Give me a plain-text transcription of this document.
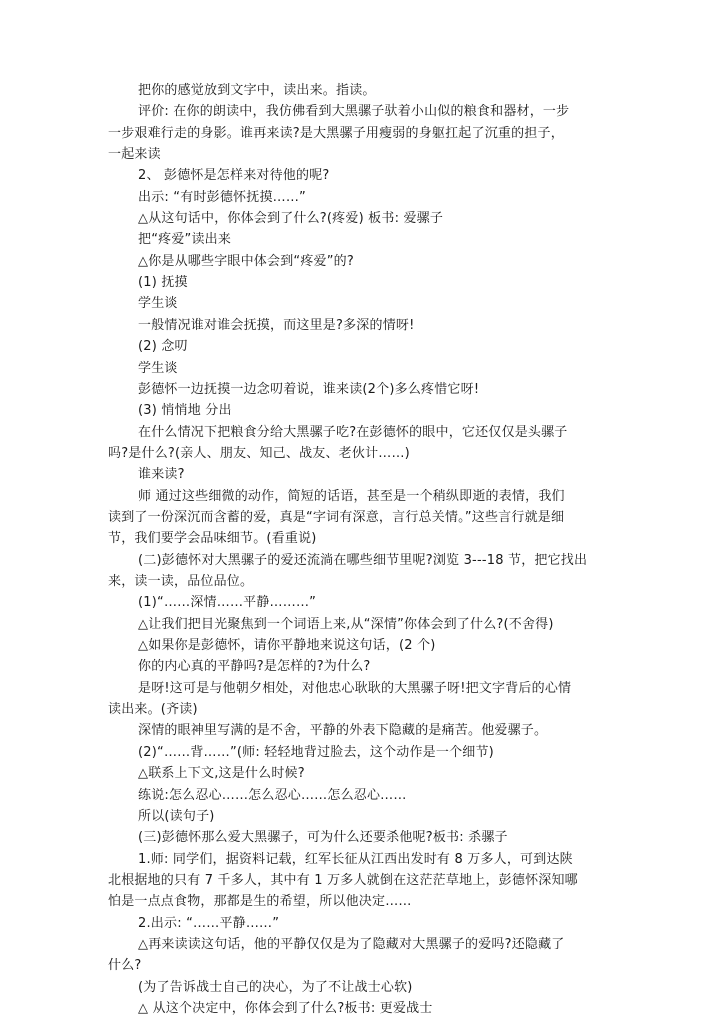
把你的感觉放到文字中，读出来。指读。
评价: 在你的朗读中，我仿佛看到大黑骡子驮着小山似的粮食和器材，一步
一步艰难行走的身影。谁再来读?是大黑骡子用瘦弱的身躯扛起了沉重的担子，
一起来读
2、 彭德怀是怎样来对待他的呢?
出示: “有时彭德怀抚摸……”
△从这句话中，你体会到了什么?(疼爱) 板书: 爱骡子
把“疼爱”读出来
△你是从哪些字眼中体会到“疼爱”的?
(1) 抚摸
学生谈
一般情况谁对谁会抚摸，而这里是?多深的情呀!
(2) 念叨
学生谈
彭德怀一边抚摸一边念叨着说，谁来读(2个)多么疼惜它呀!
(3) 悄悄地 分出
在什么情况下把粮食分给大黑骡子吃?在彭德怀的眼中，它还仅仅是头骡子
吗?是什么?(亲人、朋友、知己、战友、老伙计……)
谁来读?
师 通过这些细微的动作，简短的话语，甚至是一个稍纵即逝的表情，我们
读到了一份深沉而含蓄的爱，真是“字词有深意，言行总关情。”这些言行就是细
节，我们要学会品味细节。(看重说)
(二)彭德怀对大黑骡子的爱还流淌在哪些细节里呢?浏览 3---18 节，把它找出
来，读一读，品位品位。
(1)“……深情……平静………”
△让我们把目光聚焦到一个词语上来,从“深情”你体会到了什么?(不舍得)
△如果你是彭德怀，请你平静地来说这句话，(2 个)
你的内心真的平静吗?是怎样的?为什么?
是呀!这可是与他朝夕相处，对他忠心耿耿的大黑骡子呀!把文字背后的心情
读出来。(齐读)
深情的眼神里写满的是不舍，平静的外表下隐藏的是痛苦。他爱骡子。
(2)“……背……”(师: 轻轻地背过脸去，这个动作是一个细节)
△联系上下文,这是什么时候?
练说:怎么忍心……怎么忍心……怎么忍心……
所以(读句子)
(三)彭德怀那么爱大黑骡子，可为什么还要杀他呢?板书: 杀骡子
1.师: 同学们，据资料记载，红军长征从江西出发时有 8 万多人，可到达陕
北根据地的只有 7 千多人，其中有 1 万多人就倒在这茫茫草地上，彭德怀深知哪
怕是一点点食物，那都是生的希望，所以他决定……
2.出示: “……平静……”
△再来读读这句话，他的平静仅仅是为了隐藏对大黑骡子的爱吗?还隐藏了
什么?
(为了告诉战士自己的决心，为了不让战士心软)
△ 从这个决定中，你体会到了什么?板书: 更爱战士
